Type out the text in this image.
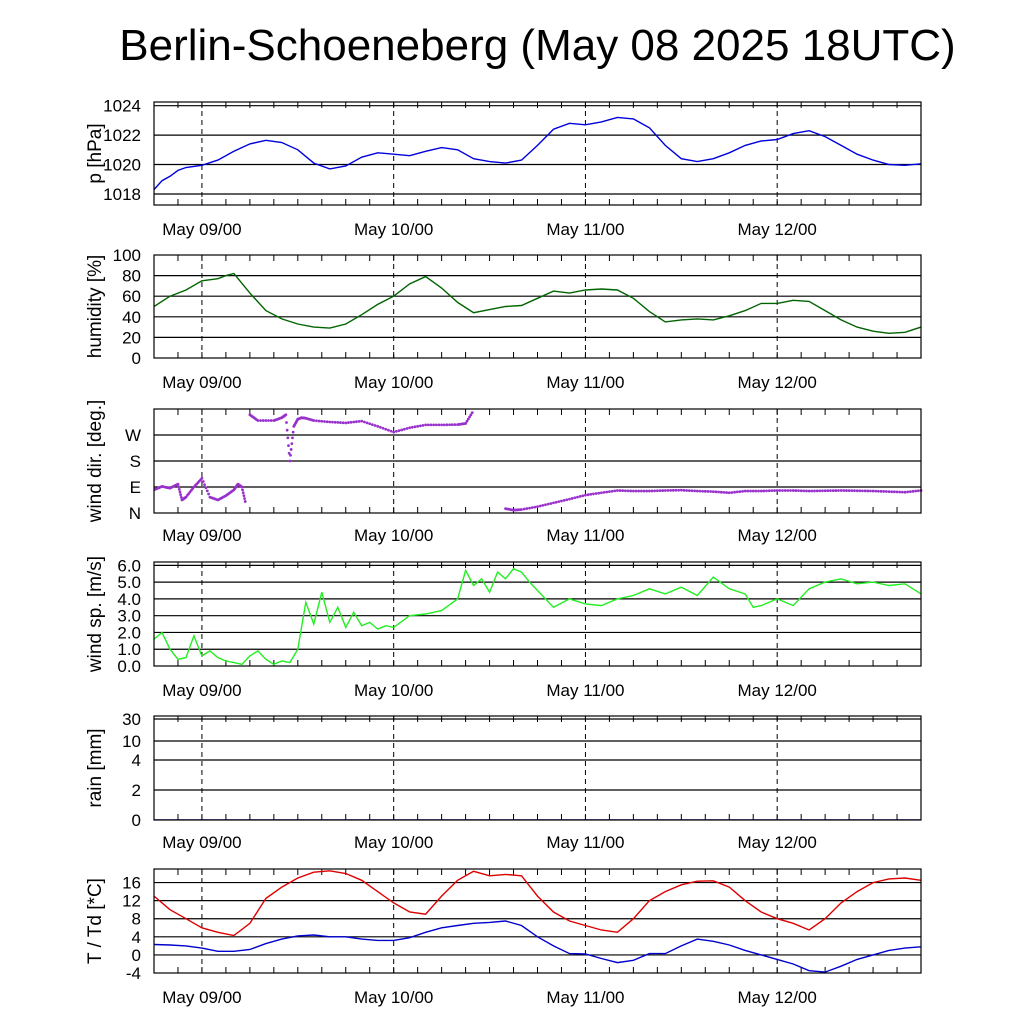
Berlin-Schoeneberg (May 08 2025 18UTC)
1018
1020
1022
1024
May 09/00	May 10/00	May 11/00	May 12/00
p [hPa]
0
20
40
60
80
100
May 09/00	May 10/00	May 11/00	May 12/00
humidity [%]
N
E
S
W
May 09/00	May 10/00	May 11/00	May 12/00
wind dir. [deg.]
0.0
1.0
2.0
3.0
4.0
5.0
6.0
May 09/00	May 10/00	May 11/00	May 12/00
wind sp. [m/s]
0
2
4
10
30
May 09/00	May 10/00	May 11/00	May 12/00
rain [mm]
-4
0
4
8
12
16
May 09/00	May 10/00	May 11/00	May 12/00
T / Td [*C]
